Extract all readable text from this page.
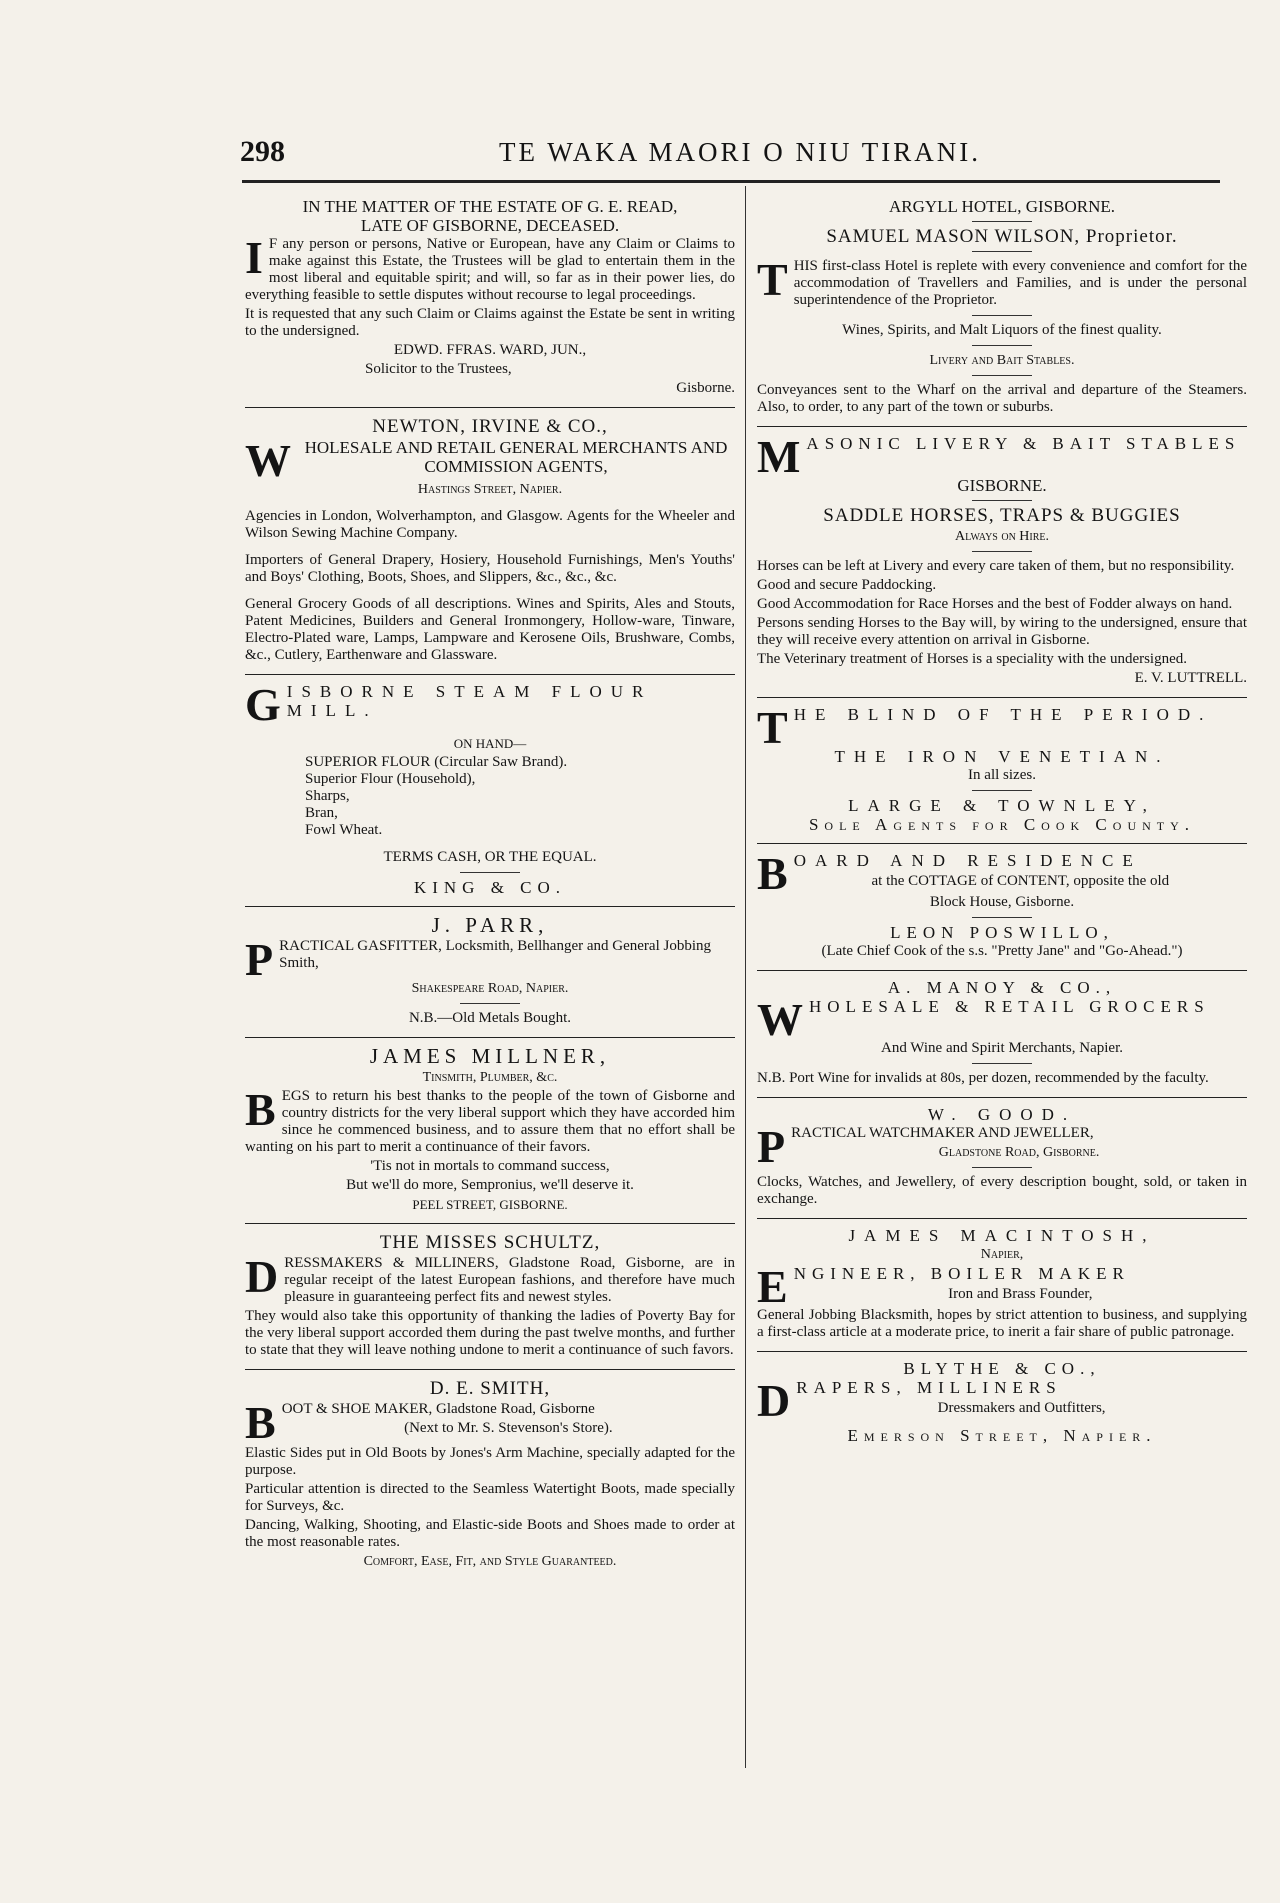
298	TE WAKA MAORI O NIU TIRANI.

IN THE MATTER OF THE ESTATE OF G. E. READ,

LATE OF GISBORNE, DECEASED.

I F any person or persons, Native or European, have any Claim or Claims to make against this Estate, the Trustees will be glad to entertain them in the most liberal and equitable spirit; and will, so far as in their power lies, do everything feasible to settle disputes without recourse to legal proceedings.

It is requested that any such Claim or Claims against the Estate be sent in writing to the undersigned.

EDWD. FFRAS. WARD, JUN.,

Solicitor to the Trustees,

Gisborne.

NEWTON, IRVINE & CO.,

WHOLESALE AND RETAIL GENERAL MERCHANTS AND COMMISSION AGENTS,

Hastings Street, Napier.

Agencies in London, Wolverhampton, and Glasgow. Agents for the Wheeler and Wilson Sewing Machine Company.

Importers of General Drapery, Hosiery, Household Furnishings, Men's Youths' and Boys' Clothing, Boots, Shoes, and Slippers, &c., &c., &c.

General Grocery Goods of all descriptions. Wines and Spirits, Ales and Stouts, Patent Medicines, Builders and General Ironmongery, Hollow-ware, Tinware, Electro-Plated ware, Lamps, Lampware and Kerosene Oils, Brushware, Combs, &c., Cutlery, Earthenware and Glassware.

GISBORNE STEAM FLOUR MILL.

ON HAND—

SUPERIOR FLOUR (Circular Saw Brand).

Superior Flour (Household),

Sharps,

Bran,

Fowl Wheat.

TERMS CASH, OR THE EQUAL.

KING & CO.

J. PARR,

PRACTICAL GASFITTER, Locksmith, Bellhanger and General Jobbing Smith,

Shakespeare Road, Napier.

N.B.—Old Metals Bought.

JAMES MILLNER,

Tinsmith, Plumber, &c.

BEGS to return his best thanks to the people of the town of Gisborne and country districts for the very liberal support which they have accorded him since he commenced business, and to assure them that no effort shall be wanting on his part to merit a continuance of their favors.

'Tis not in mortals to command success,

But we'll do more, Sempronius, we'll deserve it.

PEEL STREET, GISBORNE.

THE MISSES SCHULTZ,

DRESSMAKERS & MILLINERS, Gladstone Road, Gisborne, are in regular receipt of the latest European fashions, and therefore have much pleasure in guaranteeing perfect fits and newest styles.

They would also take this opportunity of thanking the ladies of Poverty Bay for the very liberal support accorded them during the past twelve months, and further to state that they will leave nothing undone to merit a continuance of such favors.

D. E. SMITH,

BOOT & SHOE MAKER, Gladstone Road, Gisborne

(Next to Mr. S. Stevenson's Store).

Elastic Sides put in Old Boots by Jones's Arm Machine, specially adapted for the purpose.

Particular attention is directed to the Seamless Watertight Boots, made specially for Surveys, &c.

Dancing, Walking, Shooting, and Elastic-side Boots and Shoes made to order at the most reasonable rates.

Comfort, Ease, Fit, and Style Guaranteed.

ARGYLL HOTEL, GISBORNE.

SAMUEL MASON WILSON, Proprietor.

THIS first-class Hotel is replete with every convenience and comfort for the accommodation of Travellers and Families, and is under the personal superintendence of the Proprietor.

Wines, Spirits, and Malt Liquors of the finest quality.

Livery and Bait Stables.

Conveyances sent to the Wharf on the arrival and departure of the Steamers. Also, to order, to any part of the town or suburbs.

MASONIC LIVERY & BAIT STABLES

GISBORNE.

SADDLE HORSES, TRAPS & BUGGIES

Always on Hire.

Horses can be left at Livery and every care taken of them, but no responsibility.

Good and secure Paddocking.

Good Accommodation for Race Horses and the best of Fodder always on hand.

Persons sending Horses to the Bay will, by wiring to the undersigned, ensure that they will receive every attention on arrival in Gisborne.

The Veterinary treatment of Horses is a speciality with the undersigned.

E. V. LUTTRELL.

THE BLIND OF THE PERIOD.

THE IRON VENETIAN.

In all sizes.

LARGE & TOWNLEY,

Sole Agents for Cook County.

BOARD AND RESIDENCE

at the COTTAGE of CONTENT, opposite the old

Block House, Gisborne.

LEON POSWILLO,

(Late Chief Cook of the s.s. "Pretty Jane" and "Go-Ahead.")

A. MANOY & CO.,

WHOLESALE & RETAIL GROCERS

And Wine and Spirit Merchants, Napier.

N.B. Port Wine for invalids at 80s, per dozen, recommended by the faculty.

W. GOOD.

PRACTICAL WATCHMAKER AND JEWELLER,

Gladstone Road, Gisborne.

Clocks, Watches, and Jewellery, of every description bought, sold, or taken in exchange.

JAMES MACINTOSH,

Napier,

ENGINEER, BOILER MAKER

Iron and Brass Founder,

General Jobbing Blacksmith, hopes by strict attention to business, and supplying a first-class article at a moderate price, to inerit a fair share of public patronage.

BLYTHE & CO.,

DRAPERS, MILLINERS

Dressmakers and Outfitters,

Emerson Street, Napier.
